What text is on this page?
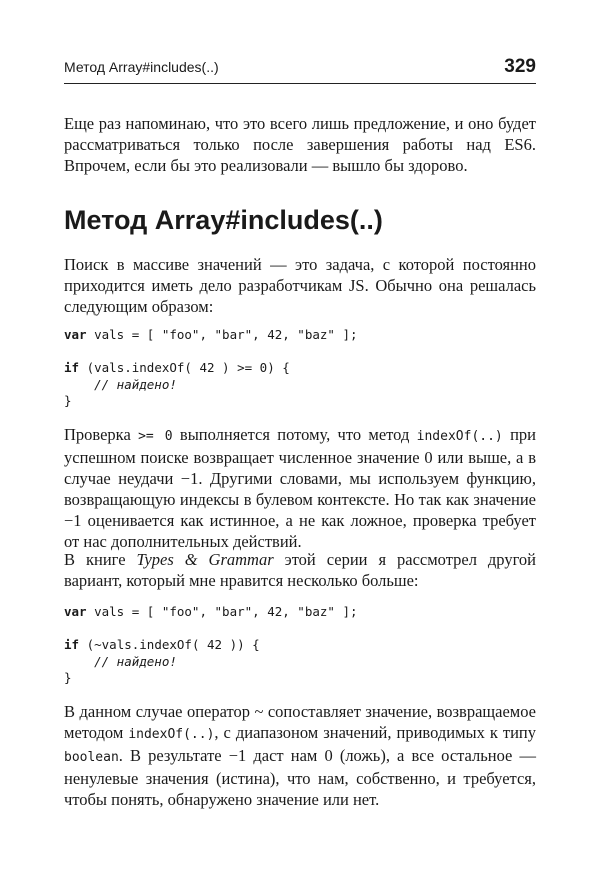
Метод Array#includes(..)	329

Еще раз напоминаю, что это всего лишь предложение, и оно будет рассматриваться только после завершения работы над ES6. Впрочем, если бы это реализовали — вышло бы здорово.

Метод Array#includes(..)

Поиск в массиве значений — это задача, с которой постоянно приходится иметь дело разработчикам JS. Обычно она решалась следующим образом:

var vals = [ "foo", "bar", 42, "baz" ];

if (vals.indexOf( 42 ) >= 0) {
// найдено!
}

Проверка >= 0 выполняется потому, что метод indexOf(..) при успешном поиске возвращает численное значение 0 или выше, а в случае неудачи −1. Другими словами, мы используем функцию, возвращающую индексы в булевом контексте. Но так как значение −1 оценивается как истинное, а не как ложное, проверка требует от нас дополнительных действий.

В книге Types & Grammar этой серии я рассмотрел другой вариант, который мне нравится несколько больше:

var vals = [ "foo", "bar", 42, "baz" ];

if (~vals.indexOf( 42 )) {
// найдено!
}

В данном случае оператор ~ сопоставляет значение, возвращаемое методом indexOf(..), с диапазоном значений, приводимых к типу boolean. В результате −1 даст нам 0 (ложь), а все остальное — ненулевые значения (истина), что нам, собственно, и требуется, чтобы понять, обнаружено значение или нет.
